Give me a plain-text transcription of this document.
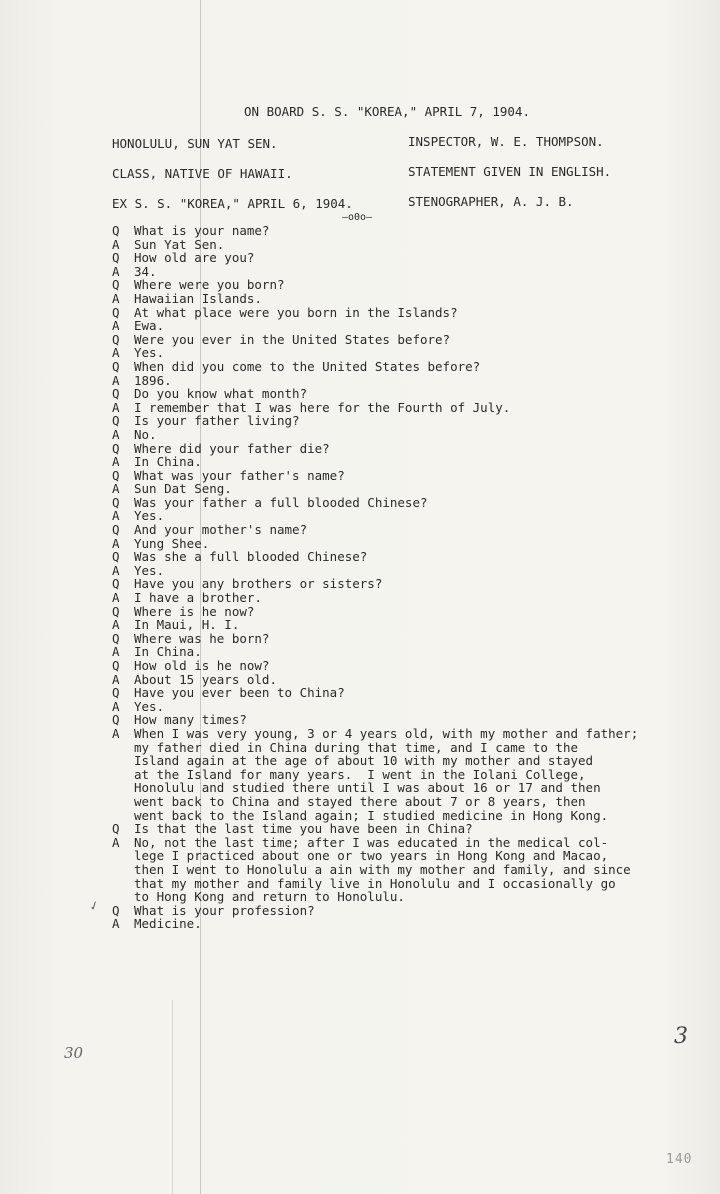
ON BOARD S. S. "KOREA," APRIL 7, 1904.
HONOLULU, SUN YAT SEN.	INSPECTOR, W. E. THOMPSON.
CLASS, NATIVE OF HAWAII.	STATEMENT GIVEN IN ENGLISH.
EX S. S. "KOREA," APRIL 6, 1904.	STENOGRAPHER, A. J. B.
—o0o—
Q	What is your name?
A	Sun Yat Sen.
Q	How old are you?
A	34.
Q	Where were you born?
A	Hawaiian Islands.
Q	At what place were you born in the Islands?
A	Ewa.
Q	Were you ever in the United States before?
A	Yes.
Q	When did you come to the United States before?
A	1896.
Q	Do you know what month?
A	I remember that I was here for the Fourth of July.
Q	Is your father living?
A	No.
Q	Where did your father die?
A	In China.
Q	What was your father's name?
A	Sun Dat Seng.
Q	Was your father a full blooded Chinese?
A	Yes.
Q	And your mother's name?
A	Yung Shee.
Q	Was she a full blooded Chinese?
A	Yes.
Q	Have you any brothers or sisters?
A	I have a brother.
Q	Where is he now?
A	In Maui, H. I.
Q	Where was he born?
A	In China.
Q	How old is he now?
A	About 15 years old.
Q	Have you ever been to China?
A	Yes.
Q	How many times?
A	When I was very young, 3 or 4 years old, with my mother and father;
my father died in China during that time, and I came to the
Island again at the age of about 10 with my mother and stayed
at the Island for many years.  I went in the Iolani College,
Honolulu and studied there until I was about 16 or 17 and then
went back to China and stayed there about 7 or 8 years, then
went back to the Island again; I studied medicine in Hong Kong.
Q	Is that the last time you have been in China?
A	No, not the last time; after I was educated in the medical col-
lege I practiced about one or two years in Hong Kong and Macao,
then I went to Honolulu a ain with my mother and family, and since
that my mother and family live in Honolulu and I occasionally go
to Hong Kong and return to Honolulu.
Q	What is your profession?
A	Medicine.
✓
30
3
140
